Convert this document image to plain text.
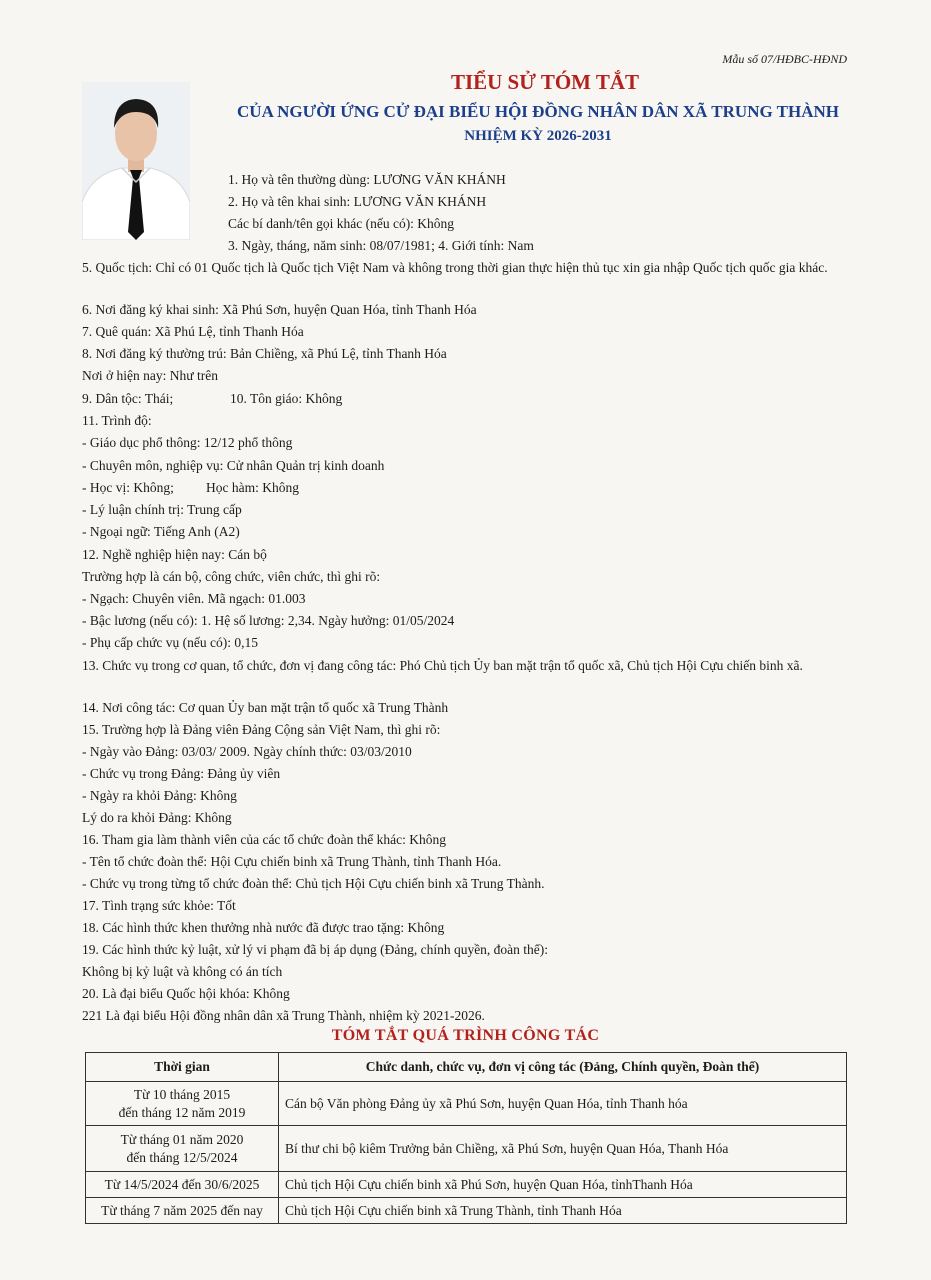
Mẫu số 07/HĐBC-HĐND
TIỂU SỬ TÓM TẮT
CỦA NGƯỜI ỨNG CỬ ĐẠI BIỂU HỘI ĐỒNG NHÂN DÂN XÃ TRUNG THÀNH
NHIỆM KỲ 2026-2031
1. Họ và tên thường dùng: LƯƠNG VĂN KHÁNH
2. Họ và tên khai sinh: LƯƠNG VĂN KHÁNH
Các bí danh/tên gọi khác (nếu có): Không
3. Ngày, tháng, năm sinh: 08/07/1981; 4. Giới tính: Nam
5. Quốc tịch: Chỉ có 01 Quốc tịch là Quốc tịch Việt Nam và không trong thời gian thực hiện thủ tục xin gia nhập Quốc tịch quốc gia khác.
6. Nơi đăng ký khai sinh: Xã Phú Sơn, huyện Quan Hóa, tỉnh Thanh Hóa
7. Quê quán: Xã Phú Lệ, tỉnh Thanh Hóa
8. Nơi đăng ký thường trú: Bản Chiềng, xã Phú Lệ, tỉnh Thanh Hóa
Nơi ở hiện nay: Như trên
9. Dân tộc: Thái;	10. Tôn giáo: Không
11. Trình độ:
- Giáo dục phổ thông: 12/12 phổ thông
- Chuyên môn, nghiệp vụ: Cử nhân Quản trị kinh doanh
- Học vị: Không; Học hàm: Không
- Lý luận chính trị: Trung cấp
- Ngoại ngữ: Tiếng Anh (A2)
12. Nghề nghiệp hiện nay: Cán bộ
Trường hợp là cán bộ, công chức, viên chức, thì ghi rõ:
- Ngạch: Chuyên viên. Mã ngạch: 01.003
- Bậc lương (nếu có): 1. Hệ số lương: 2,34. Ngày hưởng: 01/05/2024
- Phụ cấp chức vụ (nếu có): 0,15
13. Chức vụ trong cơ quan, tổ chức, đơn vị đang công tác: Phó Chủ tịch Ủy ban mặt trận tổ quốc xã, Chủ tịch Hội Cựu chiến binh xã.
14. Nơi công tác: Cơ quan Ủy ban mặt trận tổ quốc xã Trung Thành
15. Trường hợp là Đảng viên Đảng Cộng sản Việt Nam, thì ghi rõ:
- Ngày vào Đảng: 03/03/ 2009. Ngày chính thức: 03/03/2010
- Chức vụ trong Đảng: Đảng ủy viên
- Ngày ra khỏi Đảng: Không
Lý do ra khỏi Đảng: Không
16. Tham gia làm thành viên của các tổ chức đoàn thể khác: Không
- Tên tổ chức đoàn thể: Hội Cựu chiến binh xã Trung Thành, tỉnh Thanh Hóa.
- Chức vụ trong từng tổ chức đoàn thể: Chủ tịch Hội Cựu chiến binh xã Trung Thành.
17. Tình trạng sức khỏe: Tốt
18. Các hình thức khen thưởng nhà nước đã được trao tặng: Không
19. Các hình thức kỷ luật, xử lý vi phạm đã bị áp dụng (Đảng, chính quyền, đoàn thể):
Không bị kỷ luật và không có án tích
20. Là đại biểu Quốc hội khóa: Không
221 Là đại biểu Hội đồng nhân dân xã Trung Thành, nhiệm kỳ 2021-2026.
TÓM TẮT QUÁ TRÌNH CÔNG TÁC
Thời gian	Chức danh, chức vụ, đơn vị công tác (Đảng, Chính quyền, Đoàn thể)

Từ 10 tháng 2015
đến tháng 12 năm 2019	Cán bộ Văn phòng Đảng ủy xã Phú Sơn, huyện Quan Hóa, tỉnh Thanh hóa

Từ tháng 01 năm 2020
đến tháng 12/5/2024	Bí thư chi bộ kiêm Trưởng bản Chiềng, xã Phú Sơn, huyện Quan Hóa, Thanh Hóa

Từ 14/5/2024 đến 30/6/2025	Chủ tịch Hội Cựu chiến binh xã Phú Sơn, huyện Quan Hóa, tỉnhThanh Hóa

Từ tháng 7 năm 2025 đến nay	Chủ tịch Hội Cựu chiến binh xã Trung Thành, tỉnh Thanh Hóa
